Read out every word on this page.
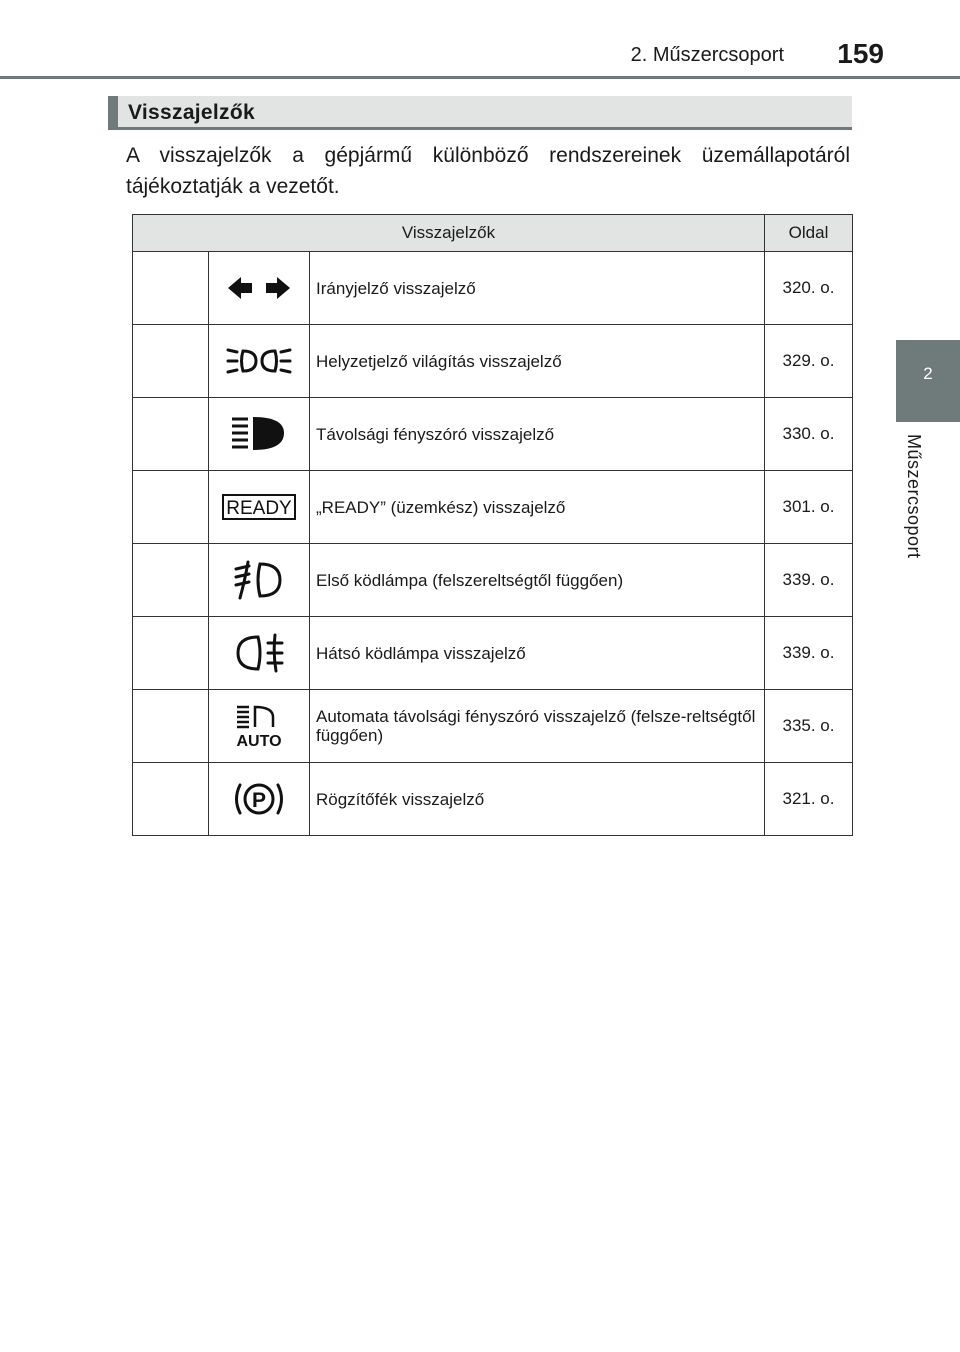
2. Műszercsoport 159
2
Műszercsoport
Visszajelzők
A visszajelzők a gépjármű különböző rendszereinek üzemállapotáról tájékoztatják a vezetőt.
Visszajelzők			Oldal
		Irányjelző visszajelző	320. o.
		Helyzetjelző világítás visszajelző	329. o.
		Távolsági fényszóró visszajelző	330. o.

READY	„READY” (üzemkész) visszajelző	301. o.
		Első ködlámpa (felszereltségtől függően)	339. o.
		Hátsó ködlámpa visszajelző	339. o.

AUTO	Automata távolsági fényszóró visszajelző (felsze-reltségtől függően)	335. o.

P	Rögzítőfék visszajelző	321. o.
